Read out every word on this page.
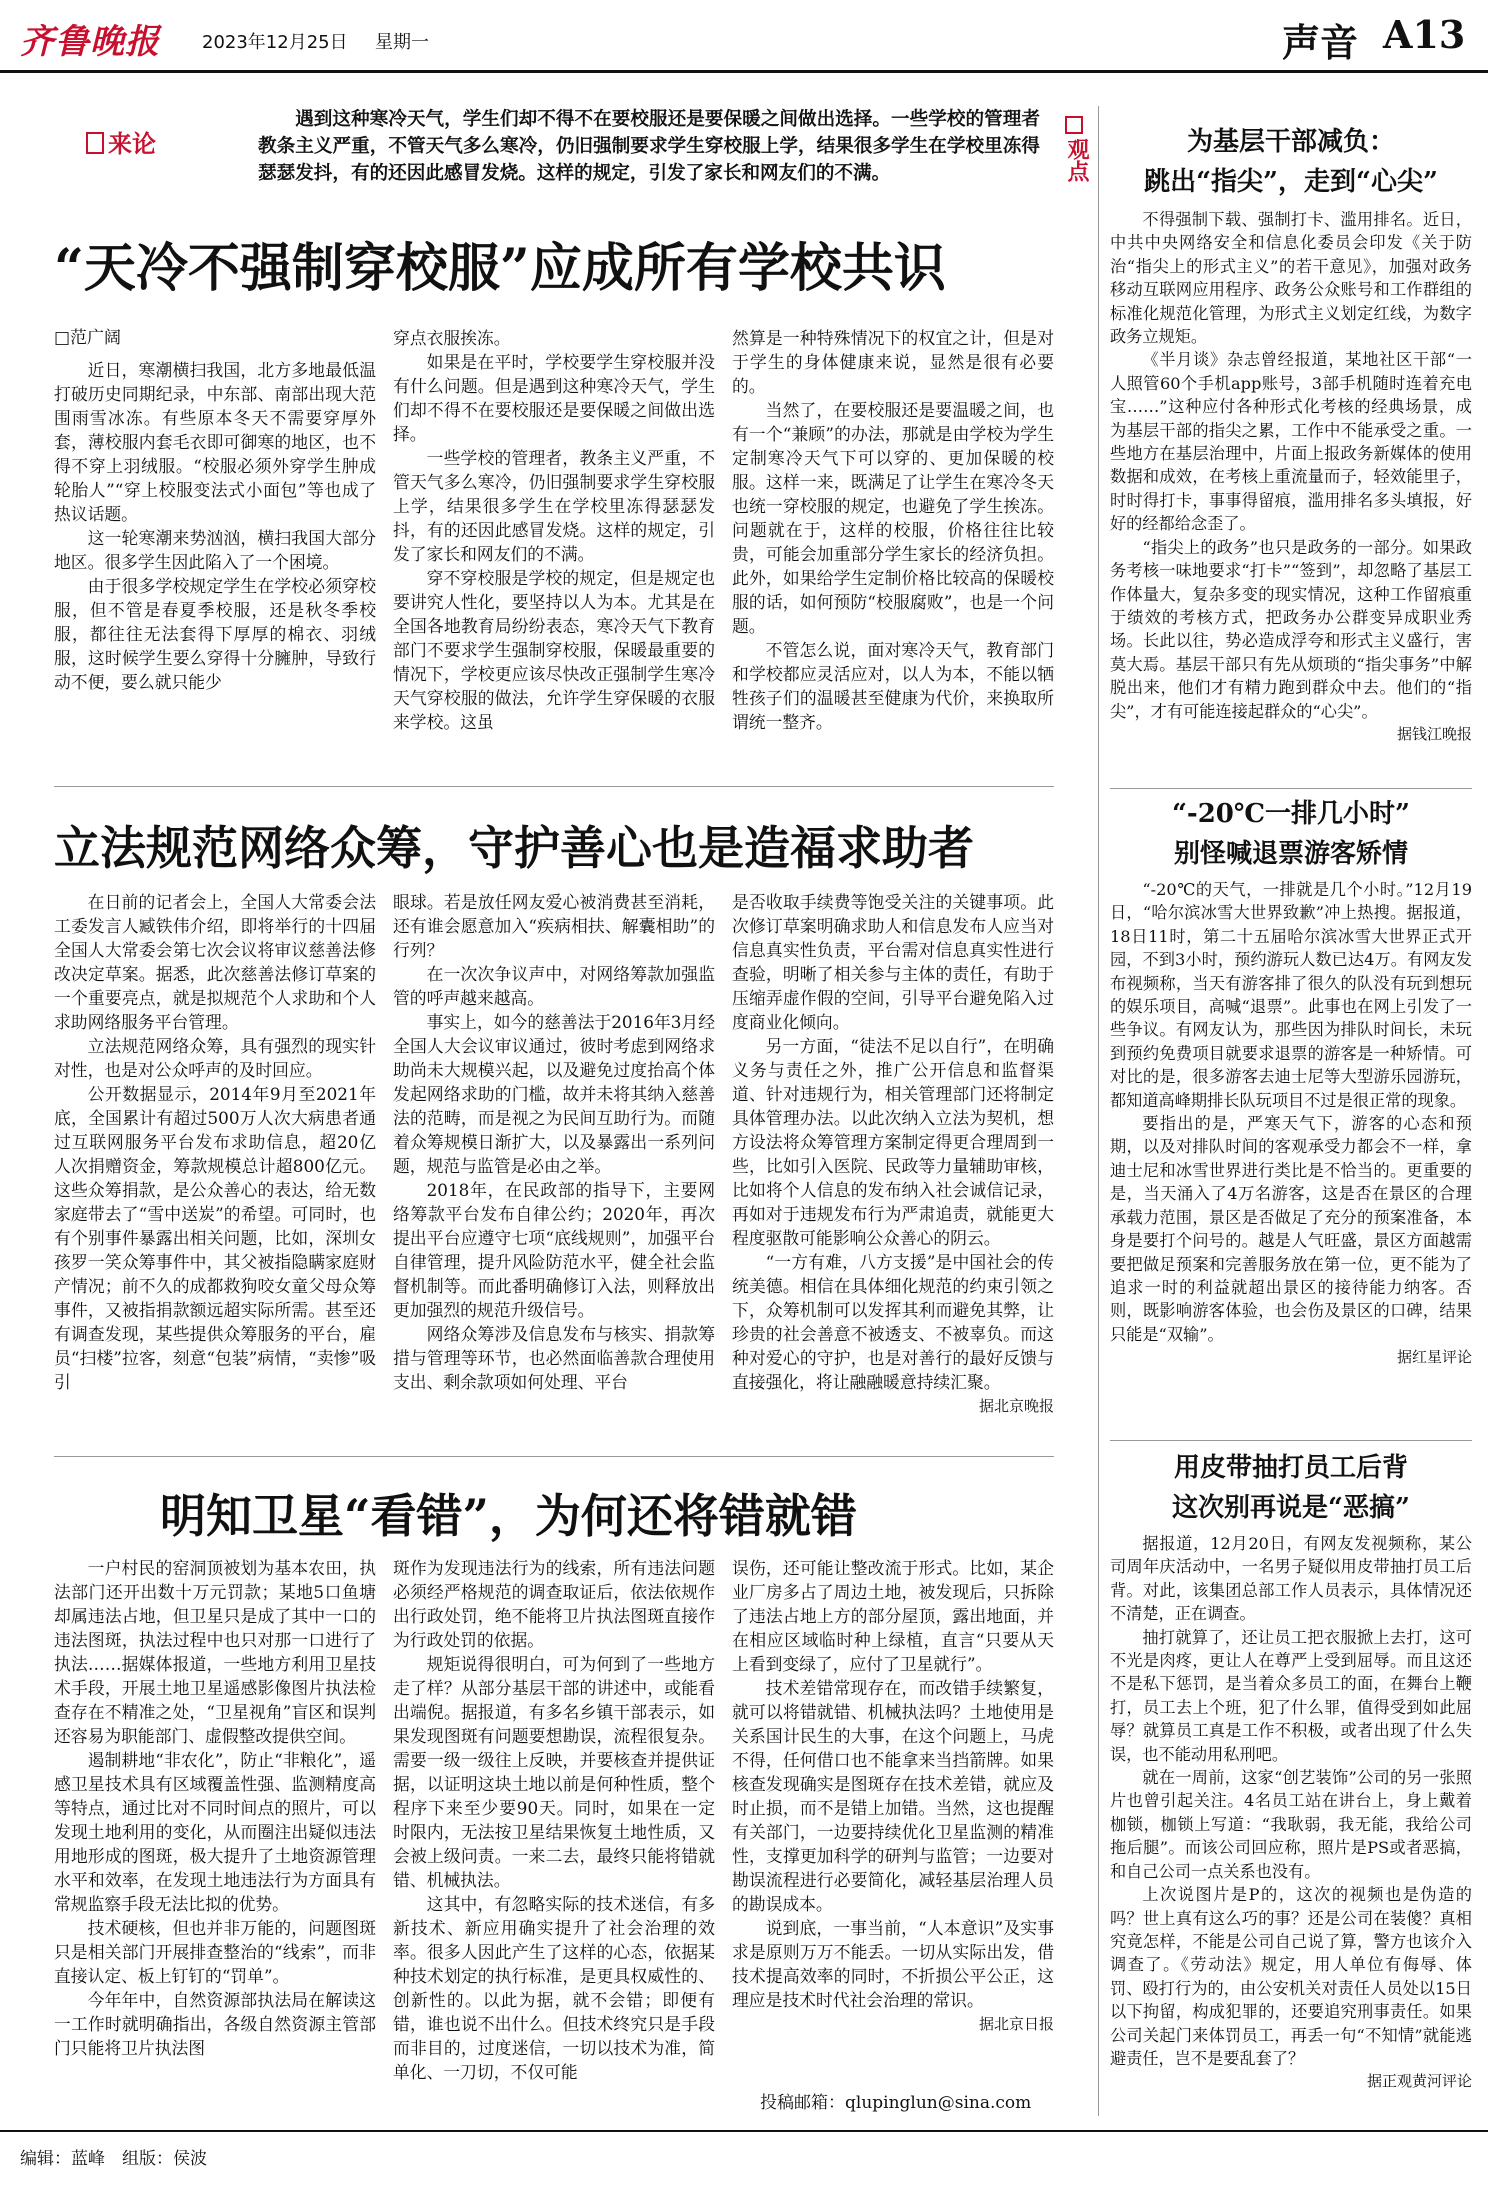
齐鲁晚报 2023年12月25日 星期一	声音 A13
来论
遇到这种寒冷天气，学生们却不得不在要校服还是要保暖之间做出选择。一些学校的管理者教条主义严重，不管天气多么寒冷，仍旧强制要求学生穿校服上学，结果很多学生在学校里冻得瑟瑟发抖，有的还因此感冒发烧。这样的规定，引发了家长和网友们的不满。	观点
“天冷不强制穿校服”应成所有学校共识
□范广阔

近日，寒潮横扫我国，北方多地最低温打破历史同期纪录，中东部、南部出现大范围雨雪冰冻。有些原本冬天不需要穿厚外套，薄校服内套毛衣即可御寒的地区，也不得不穿上羽绒服。“校服必须外穿学生肿成轮胎人”“穿上校服变法式小面包”等也成了热议话题。

这一轮寒潮来势汹汹，横扫我国大部分地区。很多学生因此陷入了一个困境。

由于很多学校规定学生在学校必须穿校服，但不管是春夏季校服，还是秋冬季校服，都往往无法套得下厚厚的棉衣、羽绒服，这时候学生要么穿得十分臃肿，导致行动不便，要么就只能少

穿点衣服挨冻。

如果是在平时，学校要学生穿校服并没有什么问题。但是遇到这种寒冷天气，学生们却不得不在要校服还是要保暖之间做出选择。

一些学校的管理者，教条主义严重，不管天气多么寒冷，仍旧强制要求学生穿校服上学，结果很多学生在学校里冻得瑟瑟发抖，有的还因此感冒发烧。这样的规定，引发了家长和网友们的不满。

穿不穿校服是学校的规定，但是规定也要讲究人性化，要坚持以人为本。尤其是在全国各地教育局纷纷表态，寒冷天气下教育部门不要求学生强制穿校服，保暖最重要的情况下，学校更应该尽快改正强制学生寒冷天气穿校服的做法，允许学生穿保暖的衣服来学校。这虽

然算是一种特殊情况下的权宜之计，但是对于学生的身体健康来说，显然是很有必要的。

当然了，在要校服还是要温暖之间，也有一个“兼顾”的办法，那就是由学校为学生定制寒冷天气下可以穿的、更加保暖的校服。这样一来，既满足了让学生在寒冷冬天也统一穿校服的规定，也避免了学生挨冻。问题就在于，这样的校服，价格往往比较贵，可能会加重部分学生家长的经济负担。此外，如果给学生定制价格比较高的保暖校服的话，如何预防“校服腐败”，也是一个问题。

不管怎么说，面对寒冷天气，教育部门和学校都应灵活应对，以人为本，不能以牺牲孩子们的温暖甚至健康为代价，来换取所谓统一整齐。

立法规范网络众筹，守护善心也是造福求助者

在日前的记者会上，全国人大常委会法工委发言人臧铁伟介绍，即将举行的十四届全国人大常委会第七次会议将审议慈善法修改决定草案。据悉，此次慈善法修订草案的一个重要亮点，就是拟规范个人求助和个人求助网络服务平台管理。

立法规范网络众筹，具有强烈的现实针对性，也是对公众呼声的及时回应。

公开数据显示，2014年9月至2021年底，全国累计有超过500万人次大病患者通过互联网服务平台发布求助信息，超20亿人次捐赠资金，筹款规模总计超800亿元。这些众筹捐款，是公众善心的表达，给无数家庭带去了“雪中送炭”的希望。可同时，也有个别事件暴露出相关问题，比如，深圳女孩罗一笑众筹事件中，其父被指隐瞒家庭财产情况；前不久的成都救狗咬女童父母众筹事件，又被指捐款额远超实际所需。甚至还有调查发现，某些提供众筹服务的平台，雇员“扫楼”拉客，刻意“包装”病情，“卖惨”吸引

眼球。若是放任网友爱心被消费甚至消耗，还有谁会愿意加入“疾病相扶、解囊相助”的行列？

在一次次争议声中，对网络筹款加强监管的呼声越来越高。

事实上，如今的慈善法于2016年3月经全国人大会议审议通过，彼时考虑到网络求助尚未大规模兴起，以及避免过度抬高个体发起网络求助的门槛，故并未将其纳入慈善法的范畴，而是视之为民间互助行为。而随着众筹规模日渐扩大，以及暴露出一系列问题，规范与监管是必由之举。

2018年，在民政部的指导下，主要网络筹款平台发布自律公约；2020年，再次提出平台应遵守七项“底线规则”，加强平台自律管理，提升风险防范水平，健全社会监督机制等。而此番明确修订入法，则释放出更加强烈的规范升级信号。

网络众筹涉及信息发布与核实、捐款筹措与管理等环节，也必然面临善款合理使用支出、剩余款项如何处理、平台

是否收取手续费等饱受关注的关键事项。此次修订草案明确求助人和信息发布人应当对信息真实性负责，平台需对信息真实性进行查验，明晰了相关参与主体的责任，有助于压缩弄虚作假的空间，引导平台避免陷入过度商业化倾向。

另一方面，“徒法不足以自行”，在明确义务与责任之外，推广公开信息和监督渠道、针对违规行为，相关管理部门还将制定具体管理办法。以此次纳入立法为契机，想方设法将众筹管理方案制定得更合理周到一些，比如引入医院、民政等力量辅助审核，比如将个人信息的发布纳入社会诚信记录，再如对于违规发布行为严肃追责，就能更大程度驱散可能影响公众善心的阴云。

“一方有难，八方支援”是中国社会的传统美德。相信在具体细化规范的约束引领之下，众筹机制可以发挥其利而避免其弊，让珍贵的社会善意不被透支、不被辜负。而这种对爱心的守护，也是对善行的最好反馈与直接强化，将让融融暖意持续汇聚。

据北京晚报

明知卫星“看错”，为何还将错就错

一户村民的窑洞顶被划为基本农田，执法部门还开出数十万元罚款；某地5口鱼塘却属违法占地，但卫星只是成了其中一口的违法图斑，执法过程中也只对那一口进行了执法……据媒体报道，一些地方利用卫星技术手段，开展土地卫星遥感影像图片执法检查存在不精准之处，“卫星视角”盲区和误判还容易为职能部门、虚假整改提供空间。

遏制耕地“非农化”，防止“非粮化”，遥感卫星技术具有区域覆盖性强、监测精度高等特点，通过比对不同时间点的照片，可以发现土地利用的变化，从而圈注出疑似违法用地形成的图斑，极大提升了土地资源管理水平和效率，在发现土地违法行为方面具有常规监察手段无法比拟的优势。

技术硬核，但也并非万能的，问题图斑只是相关部门开展排查整治的“线索”，而非直接认定、板上钉钉的“罚单”。

今年年中，自然资源部执法局在解读这一工作时就明确指出，各级自然资源主管部门只能将卫片执法图

斑作为发现违法行为的线索，所有违法问题必须经严格规范的调查取证后，依法依规作出行政处罚，绝不能将卫片执法图斑直接作为行政处罚的依据。

规矩说得很明白，可为何到了一些地方走了样？从部分基层干部的讲述中，或能看出端倪。据报道，有多名乡镇干部表示，如果发现图斑有问题要想勘误，流程很复杂。需要一级一级往上反映，并要核查并提供证据，以证明这块土地以前是何种性质，整个程序下来至少要90天。同时，如果在一定时限内，无法按卫星结果恢复土地性质，又会被上级问责。一来二去，最终只能将错就错、机械执法。

这其中，有忽略实际的技术迷信，有多新技术、新应用确实提升了社会治理的效率。很多人因此产生了这样的心态，依据某种技术划定的执行标准，是更具权威性的、创新性的。以此为据，就不会错；即便有错，谁也说不出什么。但技术终究只是手段而非目的，过度迷信，一切以技术为准，简单化、一刀切，不仅可能

误伤，还可能让整改流于形式。比如，某企业厂房多占了周边土地，被发现后，只拆除了违法占地上方的部分屋顶，露出地面，并在相应区域临时种上绿植，直言“只要从天上看到变绿了，应付了卫星就行”。

技术差错常现存在，而改错手续繁复，就可以将错就错、机械执法吗？土地使用是关系国计民生的大事，在这个问题上，马虎不得，任何借口也不能拿来当挡箭牌。如果核查发现确实是图斑存在技术差错，就应及时止损，而不是错上加错。当然，这也提醒有关部门，一边要持续优化卫星监测的精准性，支撑更加科学的研判与监管；一边要对勘误流程进行必要简化，减轻基层治理人员的勘误成本。

说到底，一事当前，“人本意识”及实事求是原则万万不能丢。一切从实际出发，借技术提高效率的同时，不折损公平公正，这理应是技术时代社会治理的常识。

据北京日报

投稿邮箱：qlupinglun@sina.com
为基层干部减负：
跳出“指尖”，走到“心尖”

不得强制下载、强制打卡、滥用排名。近日，中共中央网络安全和信息化委员会印发《关于防治“指尖上的形式主义”的若干意见》，加强对政务移动互联网应用程序、政务公众账号和工作群组的标准化规范化管理，为形式主义划定红线，为数字政务立规矩。

《半月谈》杂志曾经报道，某地社区干部“一人照管60个手机app账号，3部手机随时连着充电宝……”这种应付各种形式化考核的经典场景，成为基层干部的指尖之累，工作中不能承受之重。一些地方在基层治理中，片面上报政务新媒体的使用数据和成效，在考核上重流量而子，轻效能里子，时时得打卡，事事得留痕，滥用排名多头填报，好好的经都给念歪了。

“指尖上的政务”也只是政务的一部分。如果政务考核一味地要求“打卡”“签到”，却忽略了基层工作体量大，复杂多变的现实情况，这种工作留痕重于绩效的考核方式，把政务办公群变异成职业秀场。长此以往，势必造成浮夸和形式主义盛行，害莫大焉。基层干部只有先从烦琐的“指尖事务”中解脱出来，他们才有精力跑到群众中去。他们的“指尖”，才有可能连接起群众的“心尖”。

据钱江晚报

“-20℃一排几小时”
别怪喊退票游客矫情

“-20℃的天气，一排就是几个小时。”12月19日，“哈尔滨冰雪大世界致歉”冲上热搜。据报道，18日11时，第二十五届哈尔滨冰雪大世界正式开园，不到3小时，预约游玩人数已达4万。有网友发布视频称，当天有游客排了很久的队没有玩到想玩的娱乐项目，高喊“退票”。此事也在网上引发了一些争议。有网友认为，那些因为排队时间长，未玩到预约免费项目就要求退票的游客是一种矫情。可对比的是，很多游客去迪士尼等大型游乐园游玩，都知道高峰期排长队玩项目不过是很正常的现象。

要指出的是，严寒天气下，游客的心态和预期，以及对排队时间的客观承受力都会不一样，拿迪士尼和冰雪世界进行类比是不恰当的。更重要的是，当天涌入了4万名游客，这是否在景区的合理承载力范围，景区是否做足了充分的预案准备，本身是要打个问号的。越是人气旺盛，景区方面越需要把做足预案和完善服务放在第一位，更不能为了追求一时的利益就超出景区的接待能力纳客。否则，既影响游客体验，也会伤及景区的口碑，结果只能是“双输”。

据红星评论

用皮带抽打员工后背
这次别再说是“恶搞”

据报道，12月20日，有网友发视频称，某公司周年庆活动中，一名男子疑似用皮带抽打员工后背。对此，该集团总部工作人员表示，具体情况还不清楚，正在调查。

抽打就算了，还让员工把衣服掀上去打，这可不光是肉疼，更让人在尊严上受到屈辱。而且这还不是私下惩罚，是当着众多员工的面，在舞台上鞭打，员工去上个班，犯了什么罪，值得受到如此屈辱？就算员工真是工作不积极，或者出现了什么失误，也不能动用私刑吧。

就在一周前，这家“创艺装饰”公司的另一张照片也曾引起关注。4名员工站在讲台上，身上戴着枷锁，枷锁上写道：“我耿弱，我无能，我给公司拖后腿”。而该公司回应称，照片是PS或者恶搞，和自己公司一点关系也没有。

上次说图片是P的，这次的视频也是伪造的吗？世上真有这么巧的事？还是公司在装傻？真相究竟怎样，不能是公司自己说了算，警方也该介入调查了。《劳动法》规定，用人单位有侮辱、体罚、殴打行为的，由公安机关对责任人员处以15日以下拘留，构成犯罪的，还要追究刑事责任。如果公司关起门来体罚员工，再丢一句“不知情”就能逃避责任，岂不是要乱套了？

据正观黄河评论

编辑：蓝峰　组版：侯波
